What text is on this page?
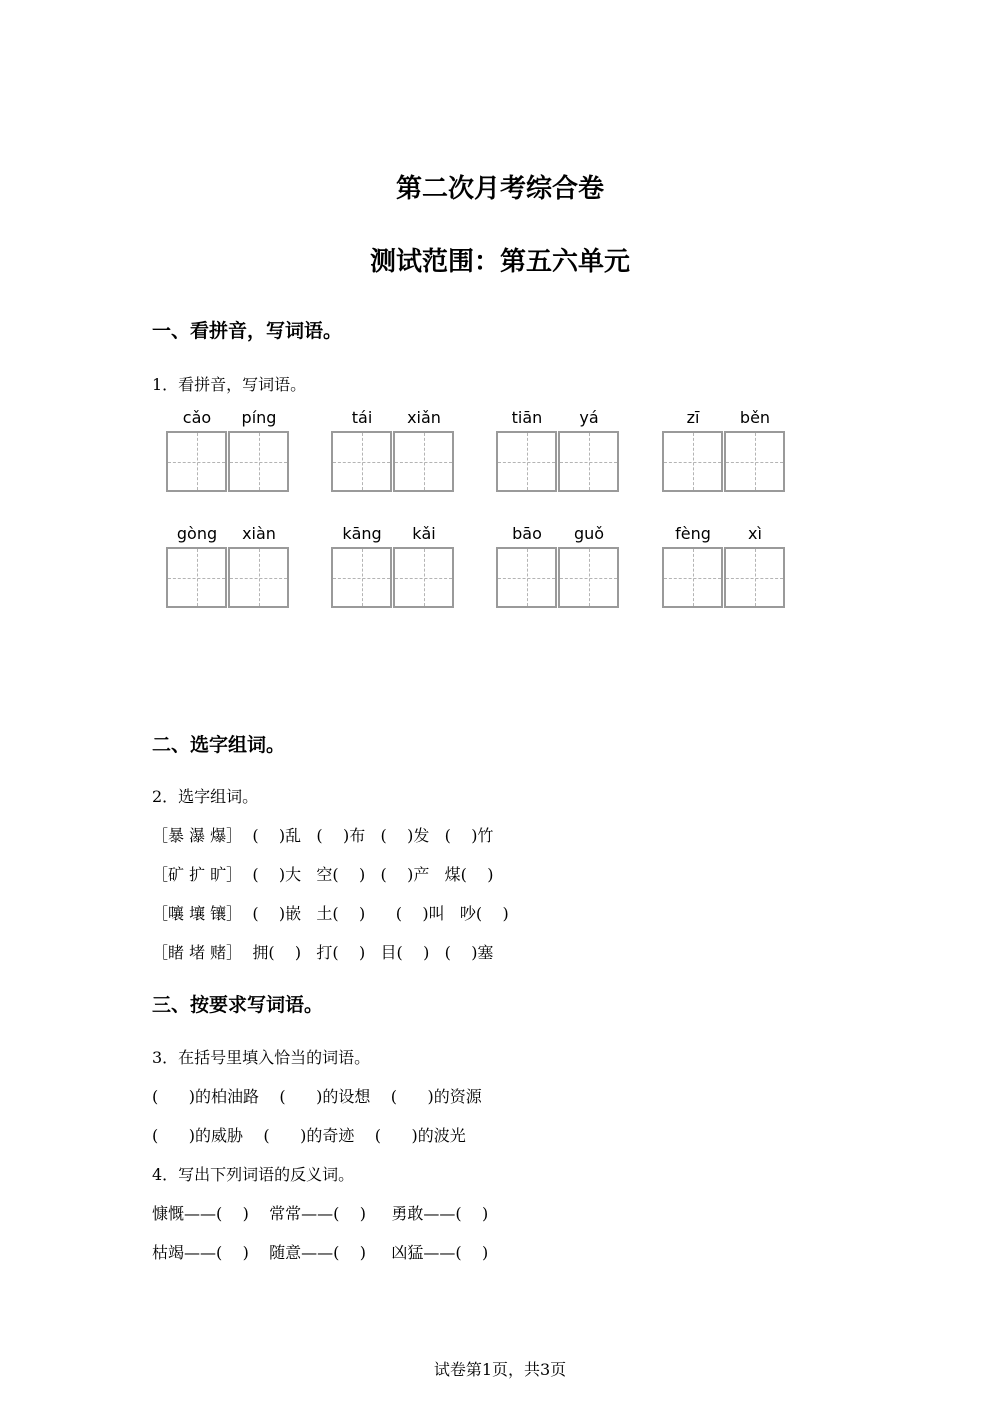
第二次月考综合卷
测试范围：第五六单元
一、看拼音，写词语。
1．看拼音，写词语。
cǎo	píng	tái	xiǎn	tiān	yá	zī	běn
gòng	xiàn	kāng	kǎi	bāo	guǒ	fèng	xì
二、选字组词。
2．选字组词。
［暴 瀑 爆］  (    )乱   (    )布   (    )发   (    )竹
［矿 扩 旷］  (    )大   空(    )   (    )产   煤(    )
［嚷 壤 镶］  (    )嵌   土(    )      (    )叫   吵(    )
［睹 堵 赌］  拥(    )   打(    )   目(    )   (    )塞
三、按要求写词语。
3．在括号里填入恰当的词语。
(      )的柏油路    (      )的设想    (      )的资源
(      )的威胁    (      )的奇迹    (      )的波光
4．写出下列词语的反义词。
慷慨——(    )    常常——(    )     勇敢——(    )
枯竭——(    )    随意——(    )     凶猛——(    )
试卷第1页，共3页
